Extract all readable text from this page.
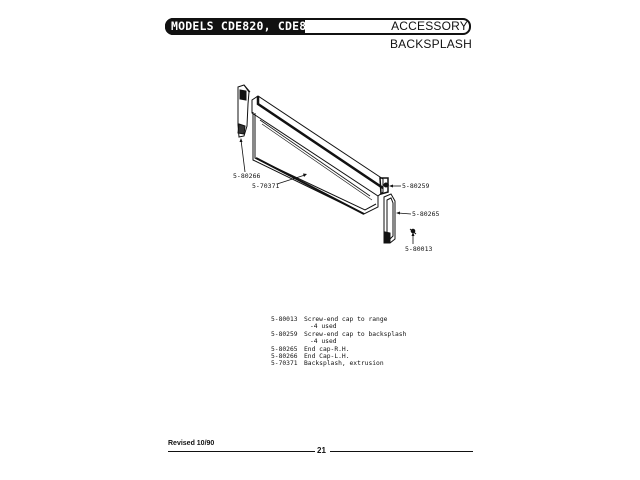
MODELS CDE820, CDE851	ACCESSORY
BACKSPLASH
5-80266
5-70371	5-80259
5-80265
5-80013
5-80013	Screw-end cap to range
-4 used
5-80259	Screw-end cap to backsplash
-4 used
5-80265	End cap-R.H.
5-80266	End Cap-L.H.
5-70371	Backsplash, extrusion
Revised 10/90
21
